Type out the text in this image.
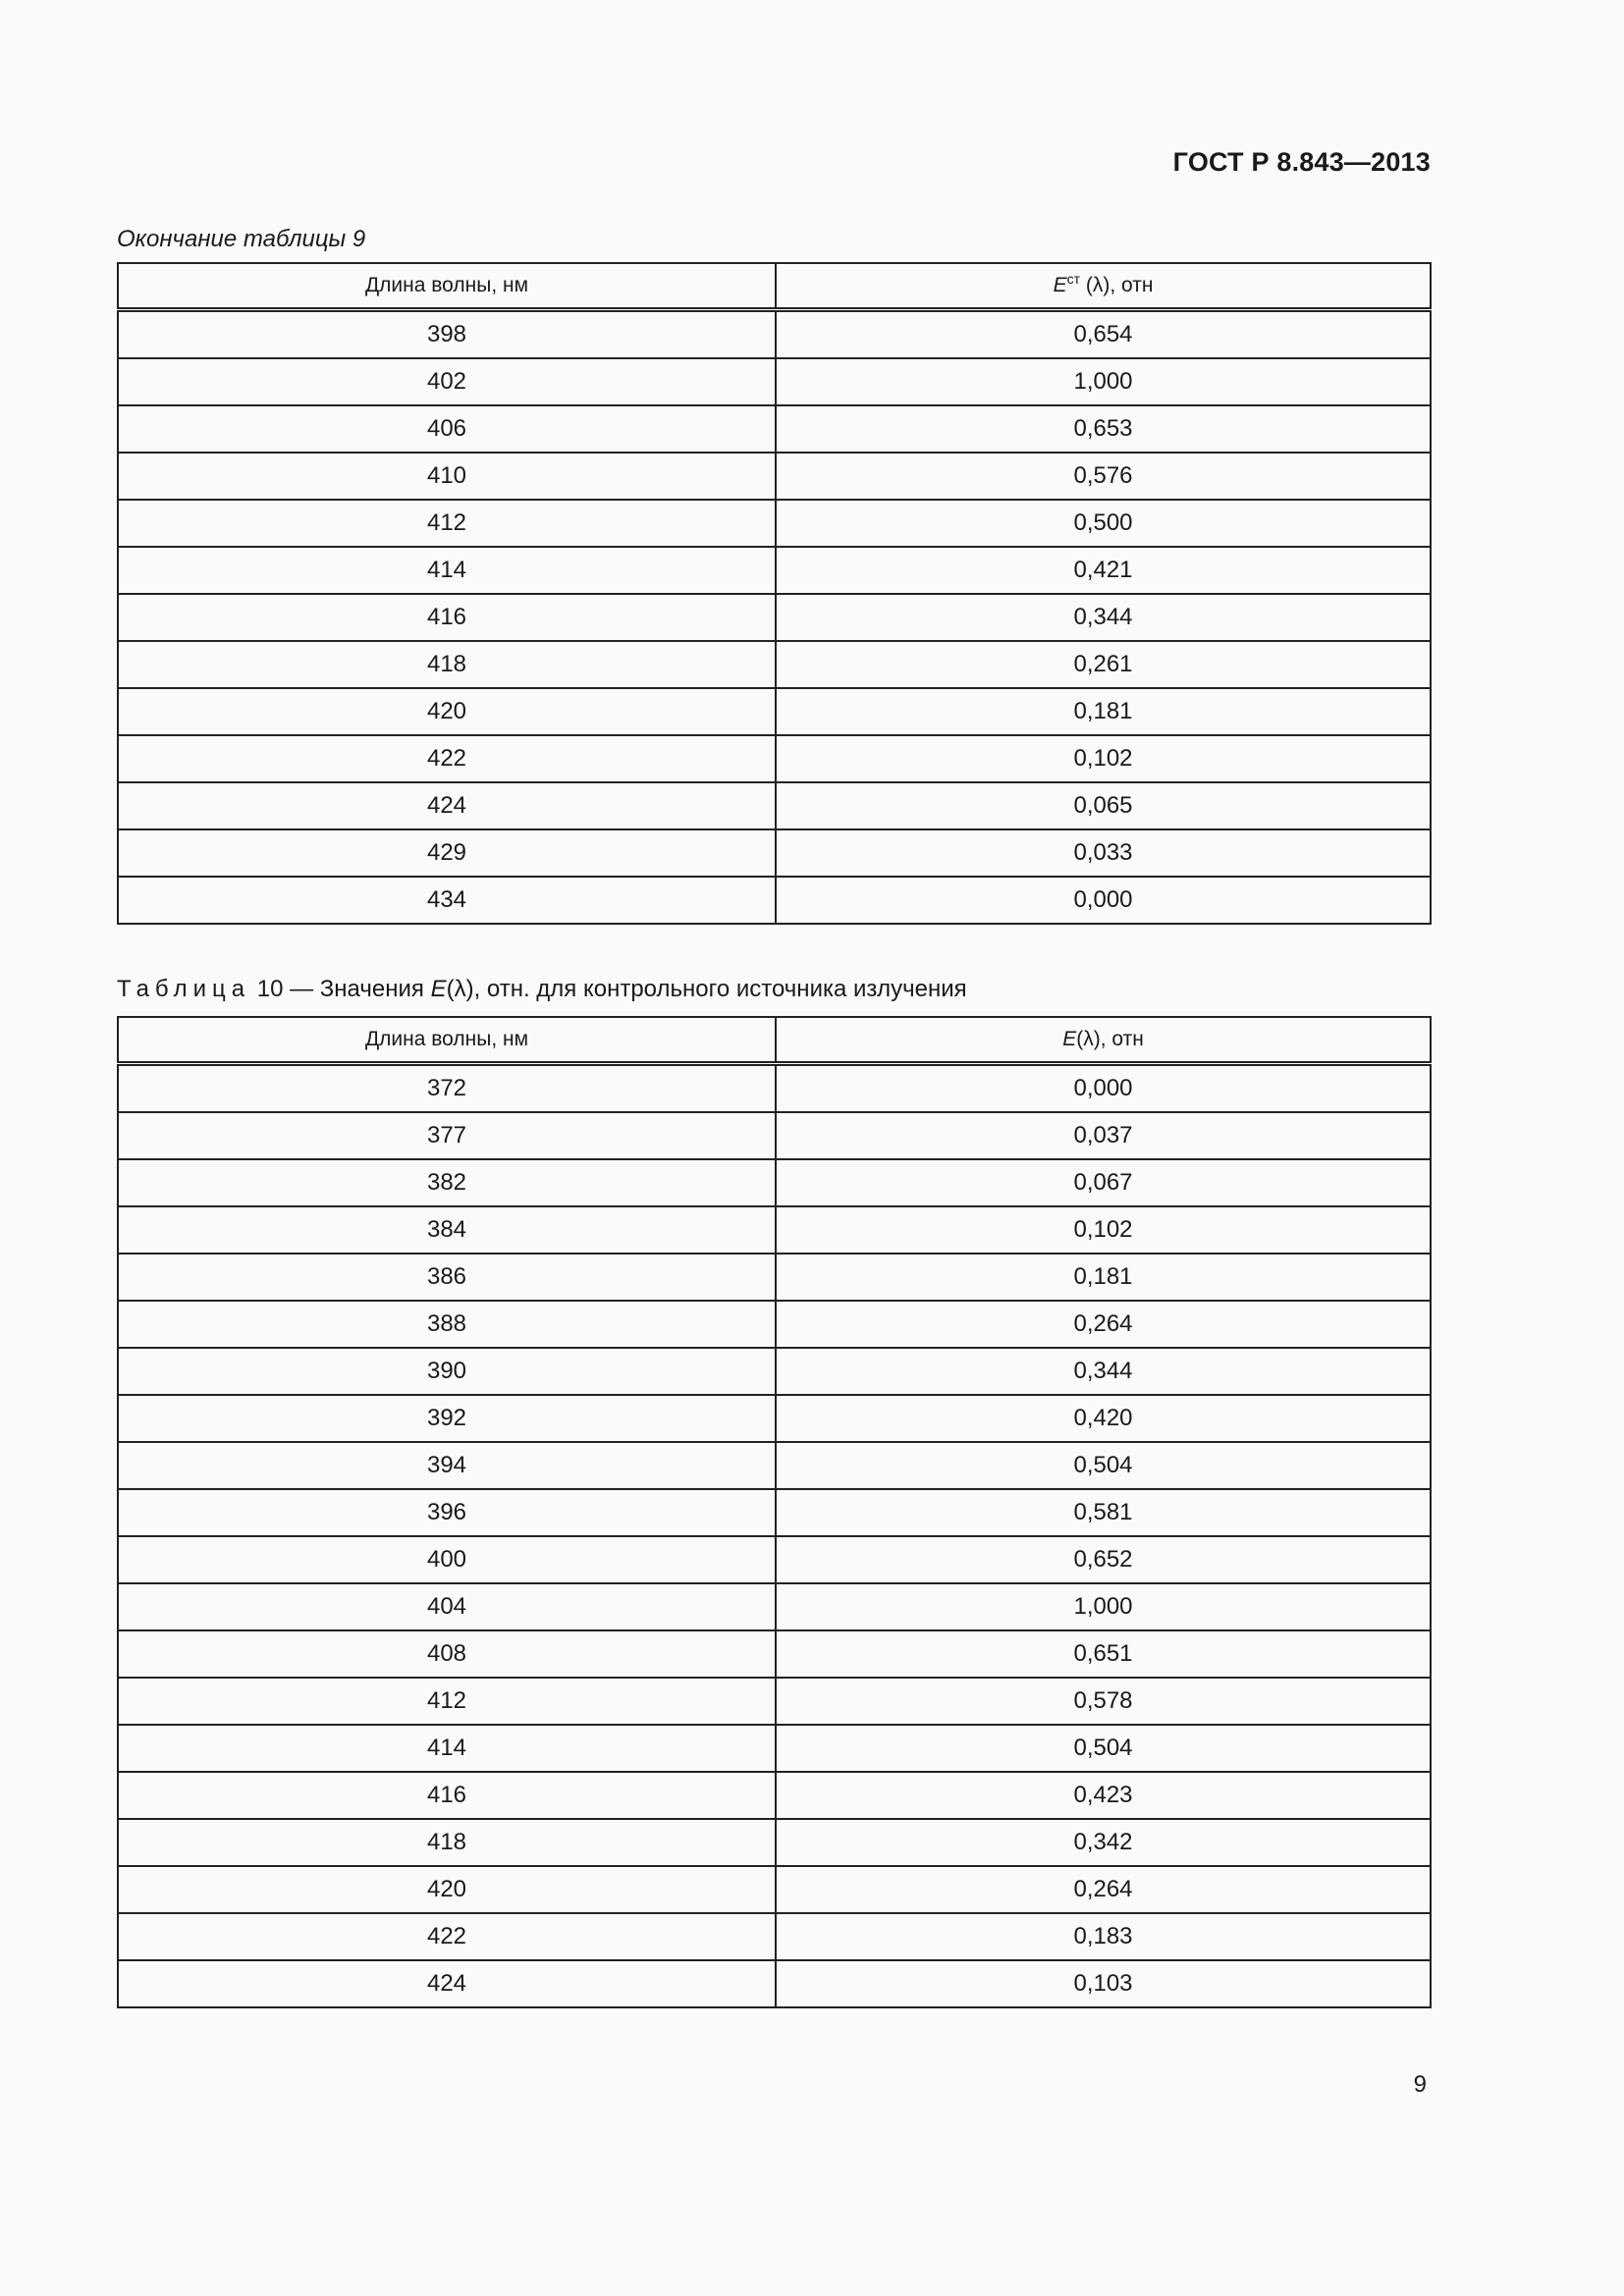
ГОСТ Р 8.843—2013
Окончание таблицы 9
Длина волны, нм	$E^{ст}$ (λ), отн
398	0,654
402	1,000
406	0,653
410	0,576
412	0,500
414	0,421
416	0,344
418	0,261
420	0,181
422	0,102
424	0,065
429	0,033
434	0,000
Таблица 10 — Значения E(λ), отн. для контрольного источника излучения
Длина волны, нм	E(λ), отн
372	0,000
377	0,037
382	0,067
384	0,102
386	0,181
388	0,264
390	0,344
392	0,420
394	0,504
396	0,581
400	0,652
404	1,000
408	0,651
412	0,578
414	0,504
416	0,423
418	0,342
420	0,264
422	0,183
424	0,103
9
